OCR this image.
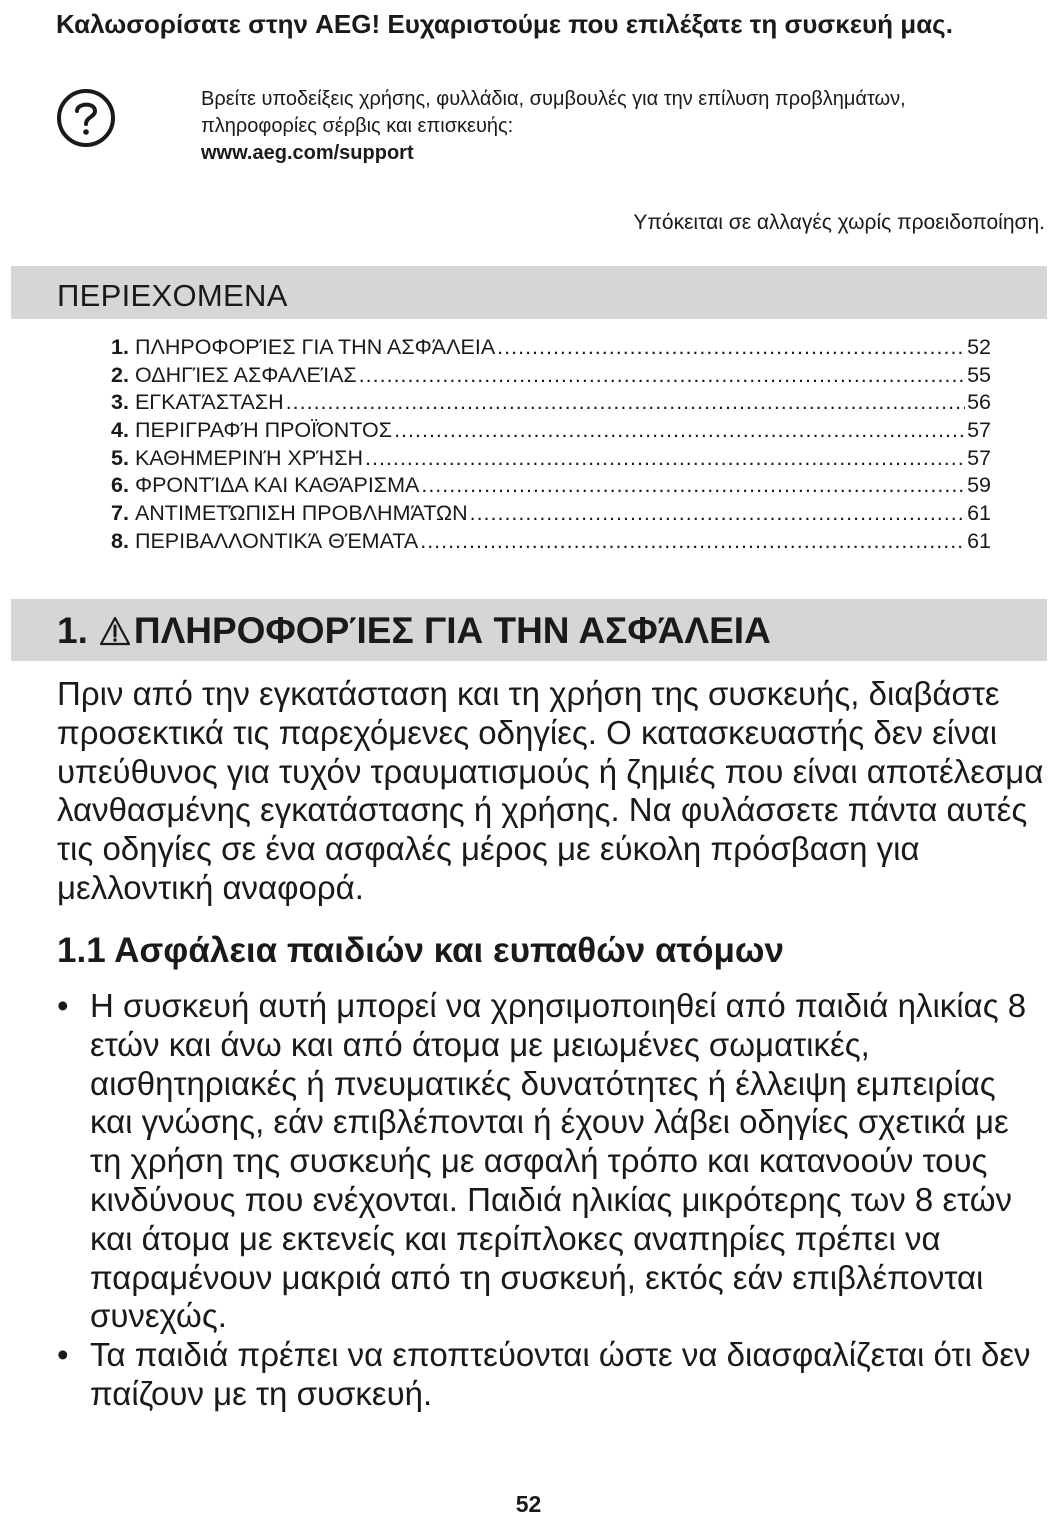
Καλωσορίσατε στην AEG! Ευχαριστούμε που επιλέξατε τη συσκευή μας.
Βρείτε υποδείξεις χρήσης, φυλλάδια, συμβουλές για την επίλυση προβλημάτων, πληροφορίες σέρβις και επισκευής:
www.aeg.com/support
Υπόκειται σε αλλαγές χωρίς προειδοποίηση.
ΠΕΡΙΕΧΟΜΕΝΑ
1. ΠΛΗΡΟΦΟΡΊΕΣ ΓΙΑ ΤΗΝ ΑΣΦΆΛΕΙΑ .....	52
2. ΟΔΗΓΊΕΣ ΑΣΦΑΛΕΊΑΣ .....	55
3. ΕΓΚΑΤΆΣΤΑΣΗ .....	56
4. ΠΕΡΙΓΡΑΦΉ ΠΡΟΪΌΝΤΟΣ .....	57
5. ΚΑΘΗΜΕΡΙΝΉ ΧΡΉΣΗ .....	57
6. ΦΡΟΝΤΊΔΑ ΚΑΙ ΚΑΘΆΡΙΣΜΑ .....	59
7. ΑΝΤΙΜΕΤΏΠΙΣΗ ΠΡΟΒΛΗΜΆΤΩΝ .....	61
8. ΠΕΡΙΒΑΛΛΟΝΤΙΚΆ ΘΈΜΑΤΑ .....	61
1. ΠΛΗΡΟΦΟΡΊΕΣ ΓΙΑ ΤΗΝ ΑΣΦΆΛΕΙΑ

Πριν από την εγκατάσταση και τη χρήση της συσκευής, διαβάστε προσεκτικά τις παρεχόμενες οδηγίες. Ο κατασκευαστής δεν είναι υπεύθυνος για τυχόν τραυματισμούς ή ζημιές που είναι αποτέλεσμα λανθασμένης εγκατάστασης ή χρήσης. Να φυλάσσετε πάντα αυτές τις οδηγίες σε ένα ασφαλές μέρος με εύκολη πρόσβαση για μελλοντική αναφορά.

1.1 Ασφάλεια παιδιών και ευπαθών ατόμων
• Η συσκευή αυτή μπορεί να χρησιμοποιηθεί από παιδιά ηλικίας 8 ετών και άνω και από άτομα με μειωμένες σωματικές, αισθητηριακές ή πνευματικές δυνατότητες ή έλλειψη εμπειρίας και γνώσης, εάν επιβλέπονται ή έχουν λάβει οδηγίες σχετικά με τη χρήση της συσκευής με ασφαλή τρόπο και κατανοούν τους κινδύνους που ενέχονται. Παιδιά ηλικίας μικρότερης των 8 ετών και άτομα με εκτενείς και περίπλοκες αναπηρίες πρέπει να παραμένουν μακριά από τη συσκευή, εκτός εάν επιβλέπονται συνεχώς.
• Τα παιδιά πρέπει να εποπτεύονται ώστε να διασφαλίζεται ότι δεν παίζουν με τη συσκευή.
52
